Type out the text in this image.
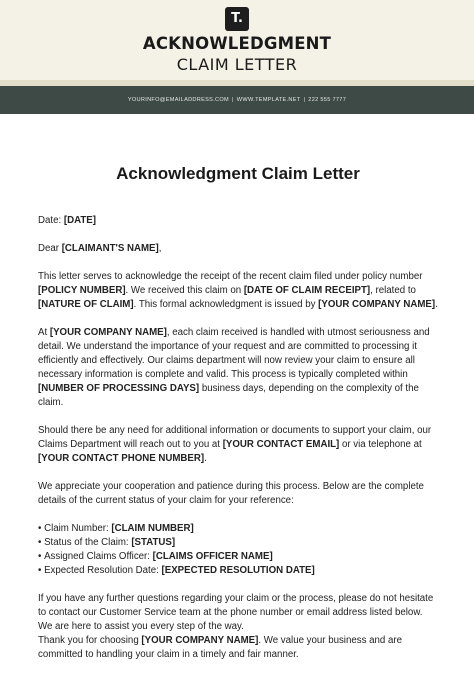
T.
ACKNOWLEDGMENT
CLAIM LETTER
YOURINFO@EMAILADDRESS.COM | WWW.TEMPLATE.NET | 222 555 7777
Acknowledgment Claim Letter

Date: [DATE]

Dear [CLAIMANT'S NAME],

This letter serves to acknowledge the receipt of the recent claim filed under policy number [POLICY NUMBER]. We received this claim on [DATE OF CLAIM RECEIPT], related to [NATURE OF CLAIM]. This formal acknowledgment is issued by [YOUR COMPANY NAME].

At [YOUR COMPANY NAME], each claim received is handled with utmost seriousness and detail. We understand the importance of your request and are committed to processing it efficiently and effectively. Our claims department will now review your claim to ensure all necessary information is complete and valid. This process is typically completed within [NUMBER OF PROCESSING DAYS] business days, depending on the complexity of the claim.

Should there be any need for additional information or documents to support your claim, our Claims Department will reach out to you at [YOUR CONTACT EMAIL] or via telephone at [YOUR CONTACT PHONE NUMBER].

We appreciate your cooperation and patience during this process. Below are the complete details of the current status of your claim for your reference:

• Claim Number: [CLAIM NUMBER]
• Status of the Claim: [STATUS]
• Assigned Claims Officer: [CLAIMS OFFICER NAME]
• Expected Resolution Date: [EXPECTED RESOLUTION DATE]

If you have any further questions regarding your claim or the process, please do not hesitate to contact our Customer Service team at the phone number or email address listed below. We are here to assist you every step of the way.

Thank you for choosing [YOUR COMPANY NAME]. We value your business and are committed to handling your claim in a timely and fair manner.
